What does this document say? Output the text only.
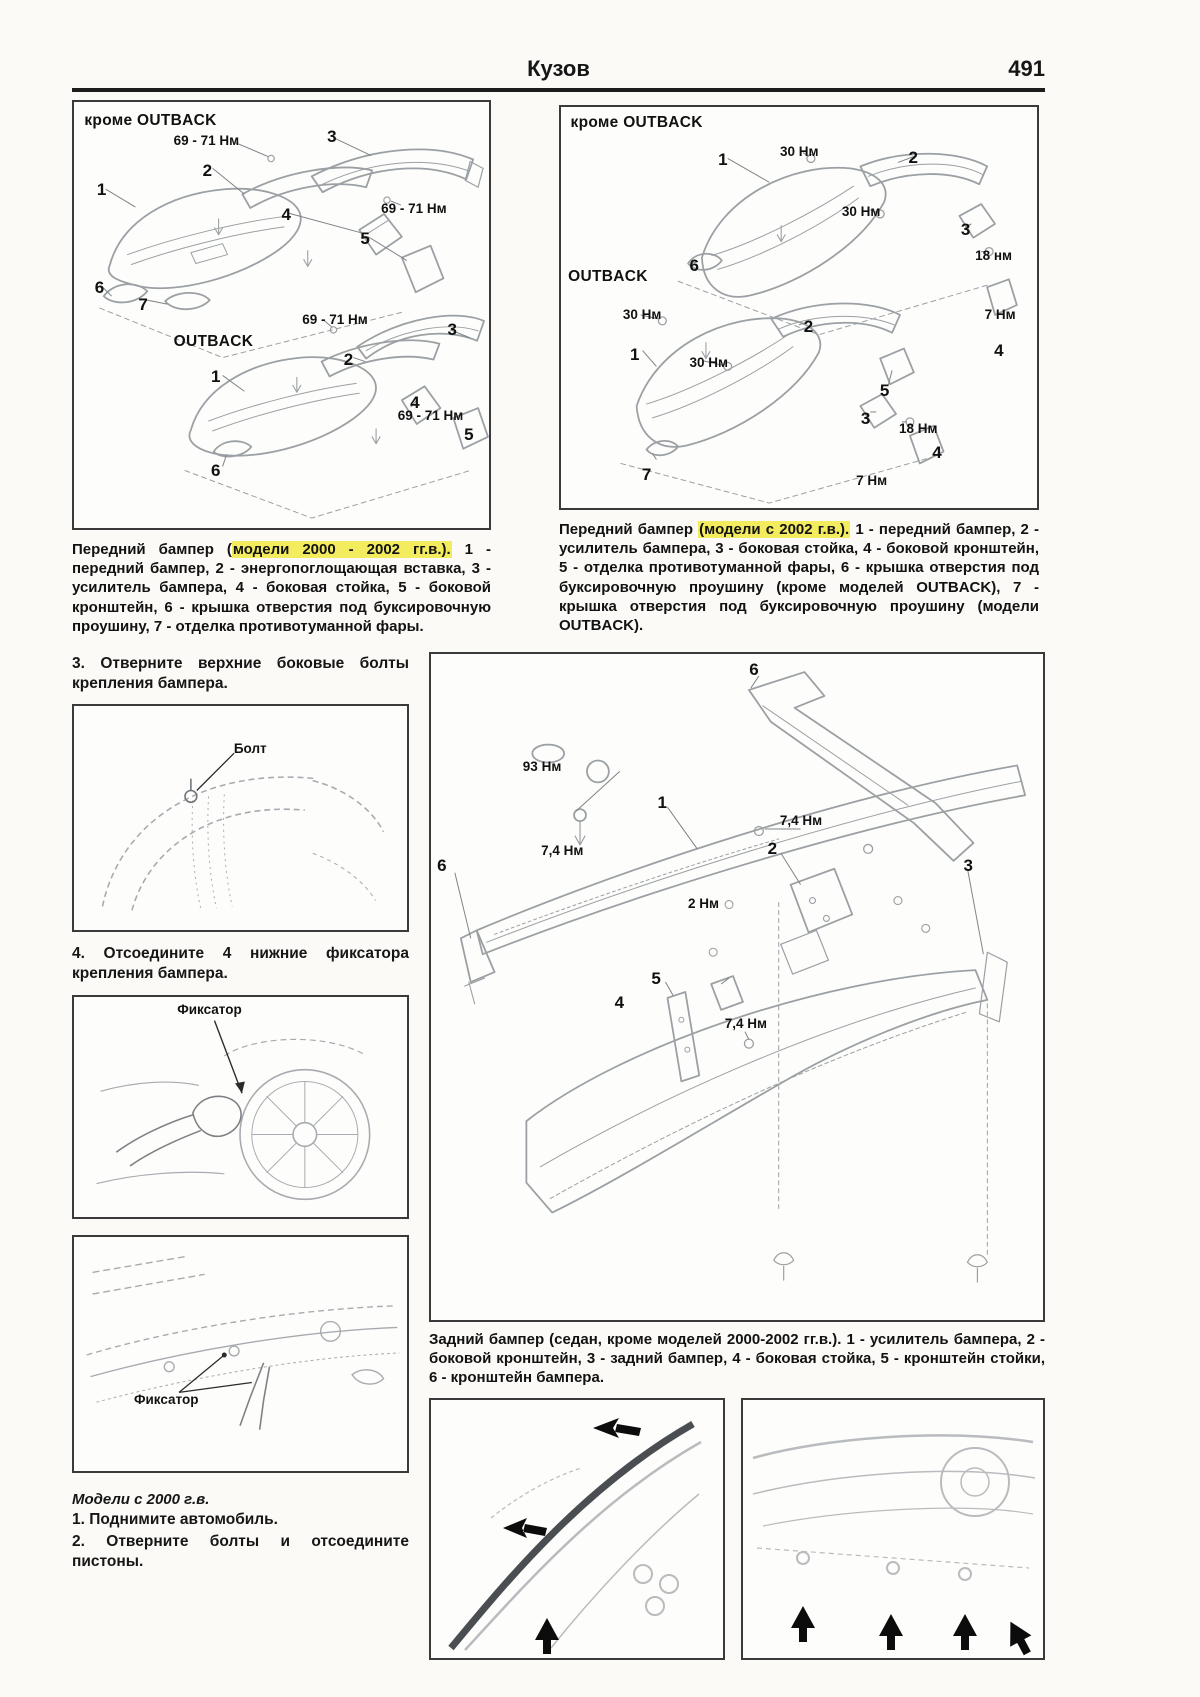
Кузов	491
кроме OUTBACK
69 - 71 Нм	3
2
1
4	69 - 71 Нм
5
6
7
OUTBACK
69 - 71 Нм
3
2
1
4
69 - 71 Нм
5
6

Передний бампер (модели 2000 - 2002 гг.в.). 1 - передний бампер, 2 - энергопоглощающая вставка, 3 - усилитель бампера, 4 - боковая стойка, 5 - боковой кронштейн, 6 - крышка отверстия под буксировочную проушину, 7 - отделка противотуманной фары.

кроме OUTBACK
1	30 Нм	2
30 Нм
3
18 нм
6
OUTBACK
7 Нм
4
30 Нм
1
2
30 Нм
5
3
18 Нм
4
7 Нм
7

Передний бампер (модели с 2002 г.в.). 1 - передний бампер, 2 - усилитель бампера, 3 - боковая стойка, 4 - боковой кронштейн, 5 - отделка противотуманной фары, 6 - крышка отверстия под буксировочную проушину (кроме моделей OUTBACK), 7 - крышка отверстия под буксировочную проушину (модели OUTBACK).

3. Отверните верхние боковые болты крепления бампера.

Болт

4. Отсоедините 4 нижние фиксатора крепления бампера.

Фиксатор
Фиксатор

Модели с 2000 г.в.

1. Поднимите автомобиль.

2. Отверните болты и отсоедините пистоны.

6
93 Нм
1
7,4 Нм
2
6
7,4 Нм
2 Нм
3
5
4
7,4 Нм

Задний бампер (седан, кроме моделей 2000-2002 гг.в.). 1 - усилитель бампера, 2 - боковой кронштейн, 3 - задний бампер, 4 - боковая стойка, 5 - кронштейн стойки, 6 - кронштейн бампера.
